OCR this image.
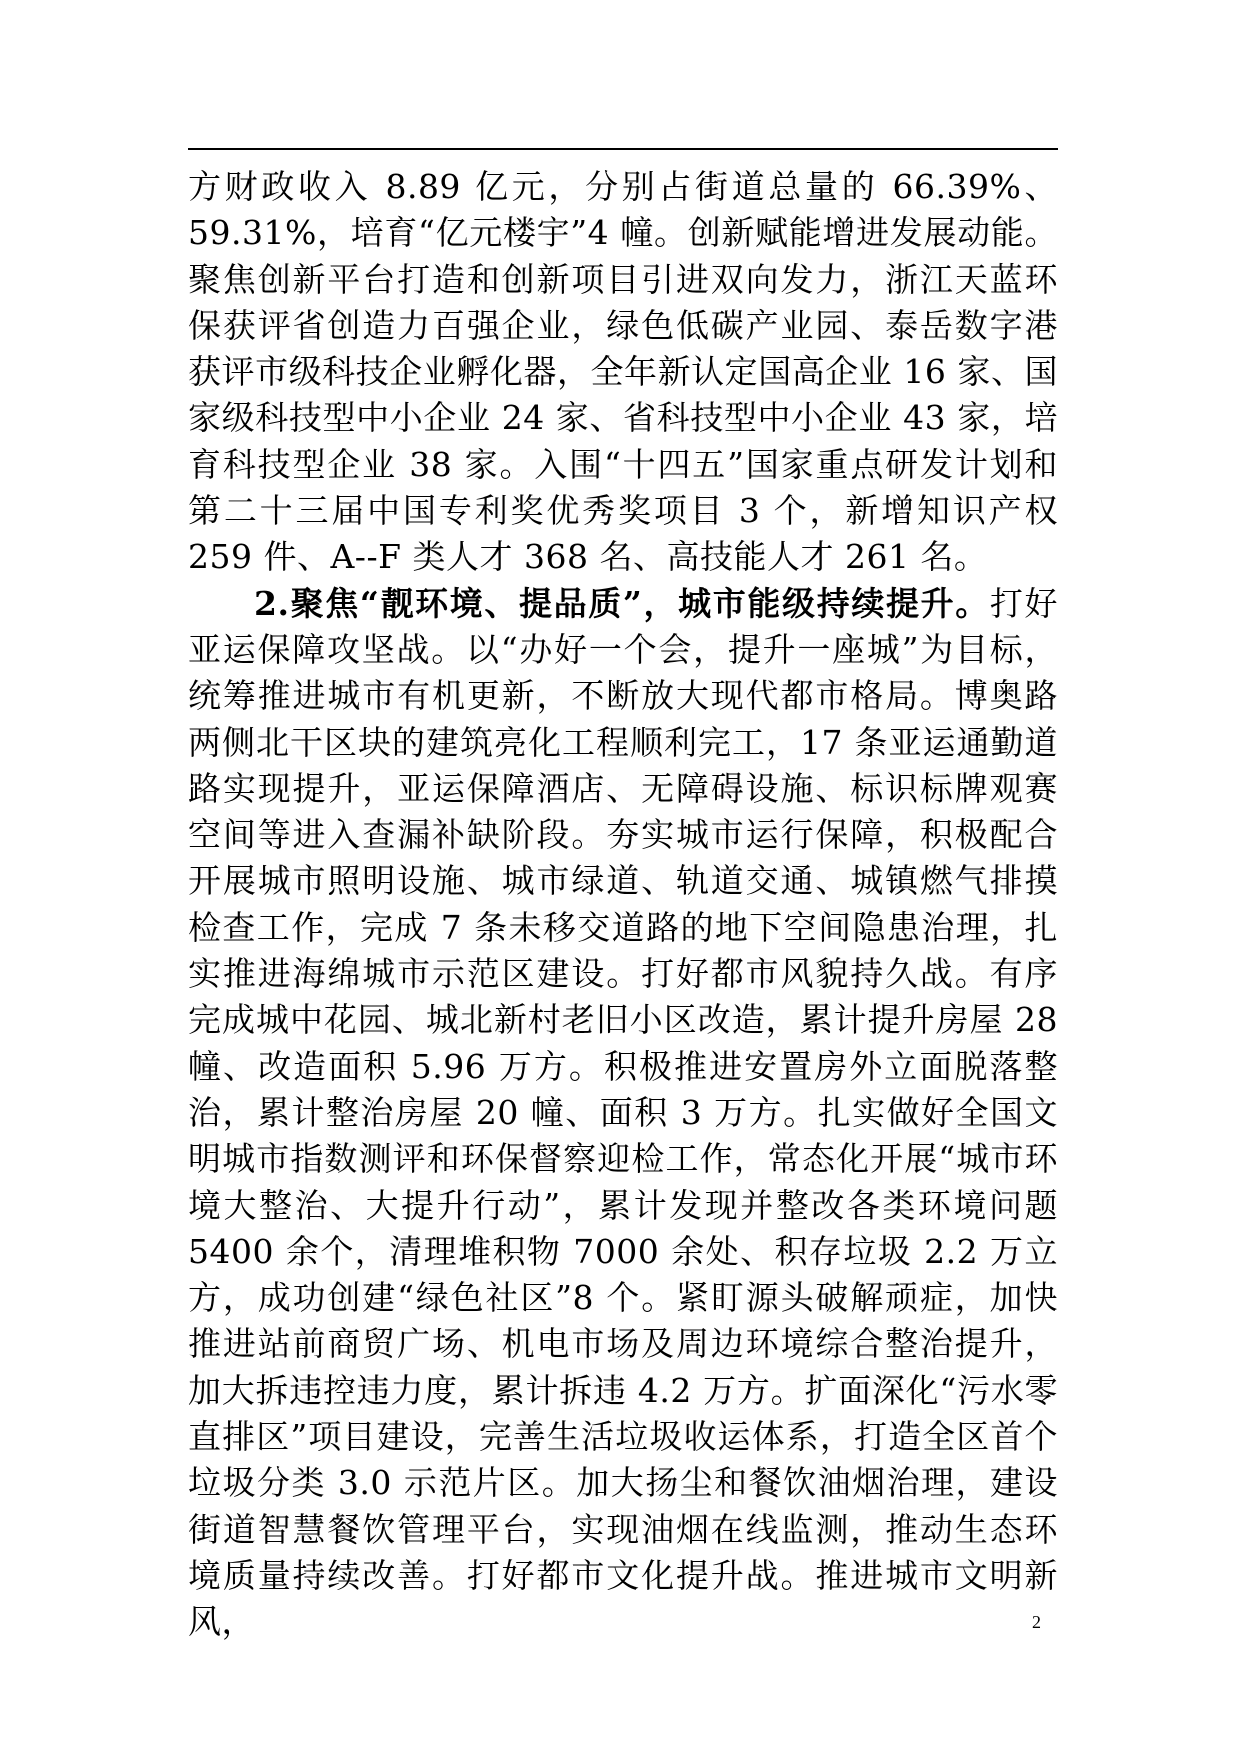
方财政收入 8.89 亿元，分别占街道总量的 66.39%、59.31%，培育“亿元楼宇”4 幢。创新赋能增进发展动能。聚焦创新平台打造和创新项目引进双向发力，浙江天蓝环保获评省创造力百强企业，绿色低碳产业园、泰岳数字港获评市级科技企业孵化器，全年新认定国高企业 16 家、国家级科技型中小企业 24 家、省科技型中小企业 43 家，培育科技型企业 38 家。入围“十四五”国家重点研发计划和第二十三届中国专利奖优秀奖项目 3 个，新增知识产权 259 件、A--F 类人才 368 名、高技能人才 261 名。

2.聚焦“靓环境、提品质”，城市能级持续提升。打好亚运保障攻坚战。以“办好一个会，提升一座城”为目标，统筹推进城市有机更新，不断放大现代都市格局。博奥路两侧北干区块的建筑亮化工程顺利完工，17 条亚运通勤道路实现提升，亚运保障酒店、无障碍设施、标识标牌观赛空间等进入查漏补缺阶段。夯实城市运行保障，积极配合开展城市照明设施、城市绿道、轨道交通、城镇燃气排摸检查工作，完成 7 条未移交道路的地下空间隐患治理，扎实推进海绵城市示范区建设。打好都市风貌持久战。有序完成城中花园、城北新村老旧小区改造，累计提升房屋 28 幢、改造面积 5.96 万方。积极推进安置房外立面脱落整治，累计整治房屋 20 幢、面积 3 万方。扎实做好全国文明城市指数测评和环保督察迎检工作，常态化开展“城市环境大整治、大提升行动”，累计发现并整改各类环境问题 5400 余个，清理堆积物 7000 余处、积存垃圾 2.2 万立方，成功创建“绿色社区”8 个。紧盯源头破解顽症，加快推进站前商贸广场、机电市场及周边环境综合整治提升，加大拆违控违力度，累计拆违 4.2 万方。扩面深化“污水零直排区”项目建设，完善生活垃圾收运体系，打造全区首个垃圾分类 3.0 示范片区。加大扬尘和餐饮油烟治理，建设街道智慧餐饮管理平台，实现油烟在线监测，推动生态环境质量持续改善。打好都市文化提升战。推进城市文明新风，	2
